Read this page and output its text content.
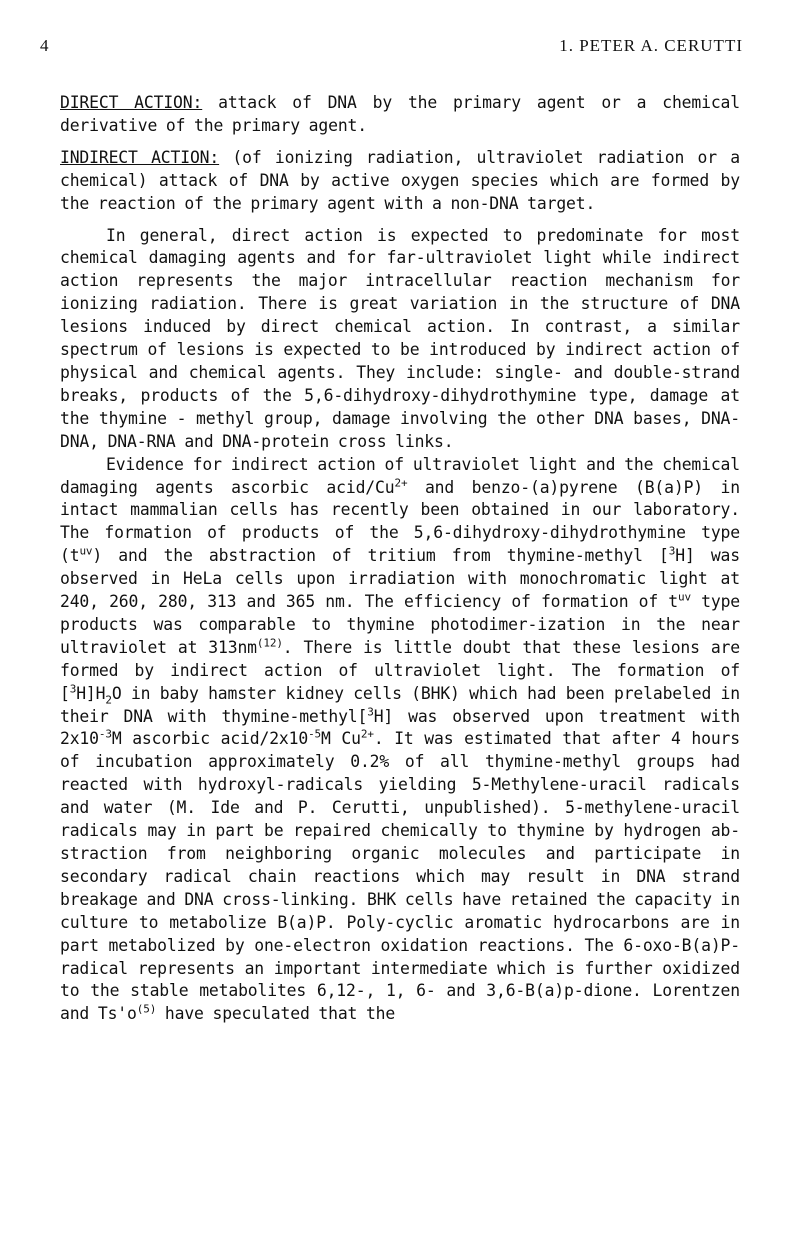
4	1. PETER A. CERUTTI

DIRECT ACTION: attack of DNA by the primary agent or a chemical derivative of the primary agent.

INDIRECT ACTION: (of ionizing radiation, ultraviolet radiation or a chemical) attack of DNA by active oxygen species which are formed by the reaction of the primary agent with a non-DNA target.

In general, direct action is expected to predominate for most chemical damaging agents and for far-ultraviolet light while indirect action represents the major intracellular reaction mechanism for ionizing radiation. There is great variation in the structure of DNA lesions induced by direct chemical action. In contrast, a similar spectrum of lesions is expected to be introduced by indirect action of physical and chemical agents. They include: single- and double-strand breaks, products of the 5,6-dihydroxy-dihydrothymine type, damage at the thymine - methyl group, damage involving the other DNA bases, DNA-DNA, DNA-RNA and DNA-protein cross links.

Evidence for indirect action of ultraviolet light and the chemical damaging agents ascorbic acid/$Cu^{2+}$ and benzo-(a)pyrene (B(a)P) in intact mammalian cells has recently been obtained in our laboratory. The formation of products of the 5,6-dihydroxy-dihydrothymine type $(t^{uv})$ and the abstraction of tritium from thymine-methyl [$^3$H] was observed in HeLa cells upon irradiation with monochromatic light at 240, 260, 280, 313 and 365 nm. The efficiency of formation of $t^{uv}$ type products was comparable to thymine photodimer-ization in the near ultraviolet at $313nm^{(12)}$. There is little doubt that these lesions are formed by indirect action of ultraviolet light. The formation of $[^3H]H_2O$ in baby hamster kidney cells (BHK) which had been prelabeled in their DNA with thymine-methyl[$^3$H] was observed upon treatment with $2x10^{-3}M$ ascorbic acid/$2x10^{-5}M$ $Cu^{2+}$. It was estimated that after 4 hours of incubation approximately 0.2% of all thymine-methyl groups had reacted with hydroxyl-radicals yielding 5-Methylene-uracil radicals and water (M. Ide and P. Cerutti, unpublished). 5-methylene-uracil radicals may in part be repaired chemically to thymine by hydrogen ab-straction from neighboring organic molecules and participate in secondary radical chain reactions which may result in DNA strand breakage and DNA cross-linking. BHK cells have retained the capacity in culture to metabolize B(a)P. Poly-cyclic aromatic hydrocarbons are in part metabolized by one-electron oxidation reactions. The 6-oxo-B(a)P-radical represents an important intermediate which is further oxidized to the stable metabolites 6,12-, 1, 6- and 3,6-B(a)p-dione. Lorentzen and $Ts'o^{(5)}$ have speculated that the
